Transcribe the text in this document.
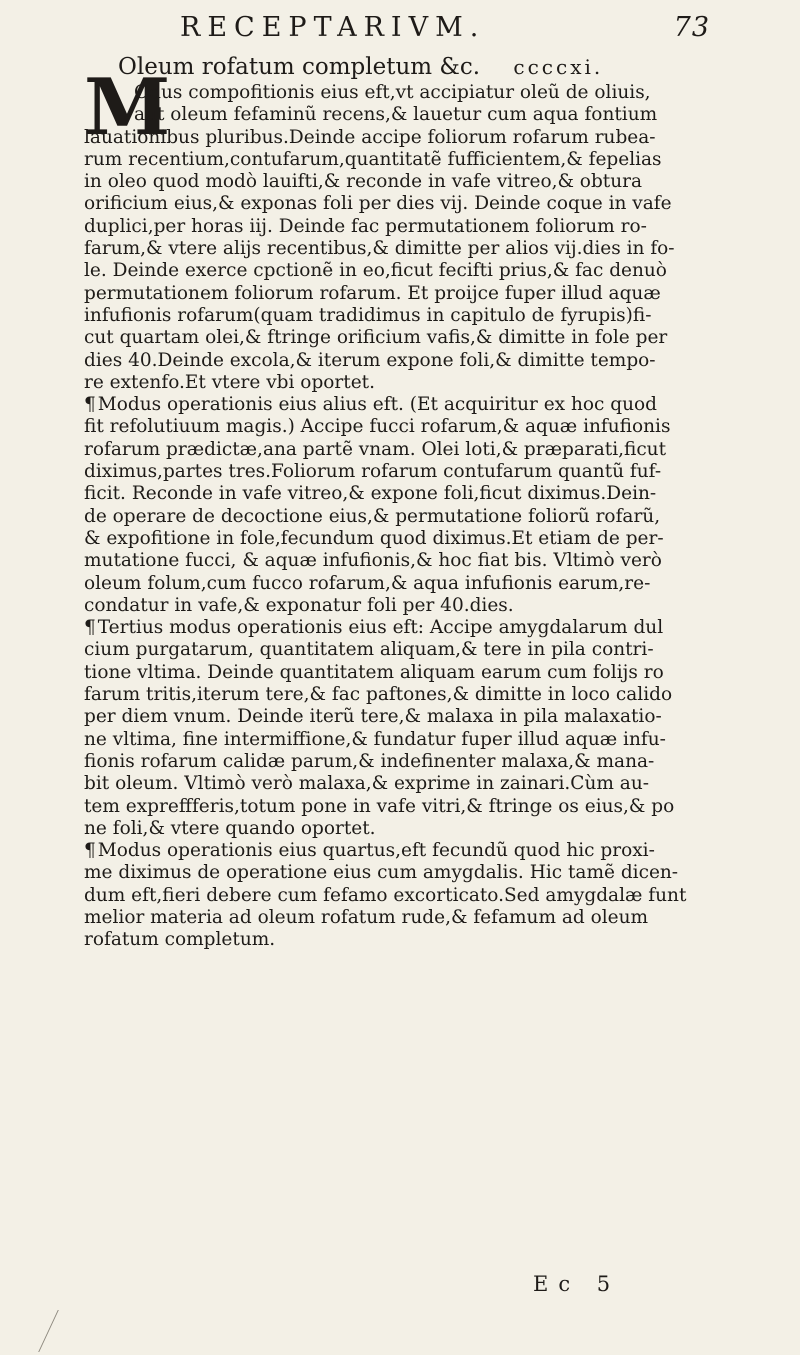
RECEPTARIVM.	73
Oleum rofatum completum &c. ccccxi.
M
Odus compofitionis eius eft,vt accipiatur oleũ de oliuis,
aut oleum fefaminũ recens,& lauetur cum aqua fontium
lauationibus pluribus.Deinde accipe foliorum rofarum rubea-
rum recentium,contufarum,quantitatẽ fufficientem,& fepelias
in oleo quod modò lauifti,& reconde in vafe vitreo,& obtura
orificium eius,& exponas foli per dies vij. Deinde coque in vafe
duplici,per horas iij. Deinde fac permutationem foliorum ro-
farum,& vtere alijs recentibus,& dimitte per alios vij.dies in fo-
le. Deinde exerce cpctionẽ in eo,ficut fecifti prius,& fac denuò
permutationem foliorum rofarum. Et proijce fuper illud aquæ
infufionis rofarum(quam tradidimus in capitulo de fyrupis)fi-
cut quartam olei,& ftringe orificium vafis,& dimitte in fole per
dies 40.Deinde excola,& iterum expone foli,& dimitte tempo-
re extenfo.Et vtere vbi oportet.
¶ Modus operationis eius alius eft. (Et acquiritur ex hoc quod
fit refolutiuum magis.) Accipe fucci rofarum,& aquæ infufionis
rofarum prædictæ,ana partẽ vnam. Olei loti,& præparati,ficut
diximus,partes tres.Foliorum rofarum contufarum quantũ fuf-
ficit. Reconde in vafe vitreo,& expone foli,ficut diximus.Dein-
de operare de decoctione eius,& permutatione foliorũ rofarũ,
& expofitione in fole,fecundum quod diximus.Et etiam de per-
mutatione fucci, & aquæ infufionis,& hoc fiat bis. Vltimò verò
oleum folum,cum fucco rofarum,& aqua infufionis earum,re-
condatur in vafe,& exponatur foli per 40.dies.
¶ Tertius modus operationis eius eft: Accipe amygdalarum dul
cium purgatarum, quantitatem aliquam,& tere in pila contri-
tione vltima. Deinde quantitatem aliquam earum cum folijs ro
farum tritis,iterum tere,& fac paftones,& dimitte in loco calido
per diem vnum. Deinde iterũ tere,& malaxa in pila malaxatio-
ne vltima, fine intermiffione,& fundatur fuper illud aquæ infu-
fionis rofarum calidæ parum,& indefinenter malaxa,& mana-
bit oleum. Vltimò verò malaxa,& exprime in zainari.Cùm au-
tem expreffferis,totum pone in vafe vitri,& ftringe os eius,& po
ne foli,& vtere quando oportet.
¶ Modus operationis eius quartus,eft fecundũ quod hic proxi-
me diximus de operatione eius cum amygdalis. Hic tamẽ dicen-
dum eft,fieri debere cum fefamo excorticato.Sed amygdalæ funt
melior materia ad oleum rofatum rude,& fefamum ad oleum
rofatum completum.
Ec 5
